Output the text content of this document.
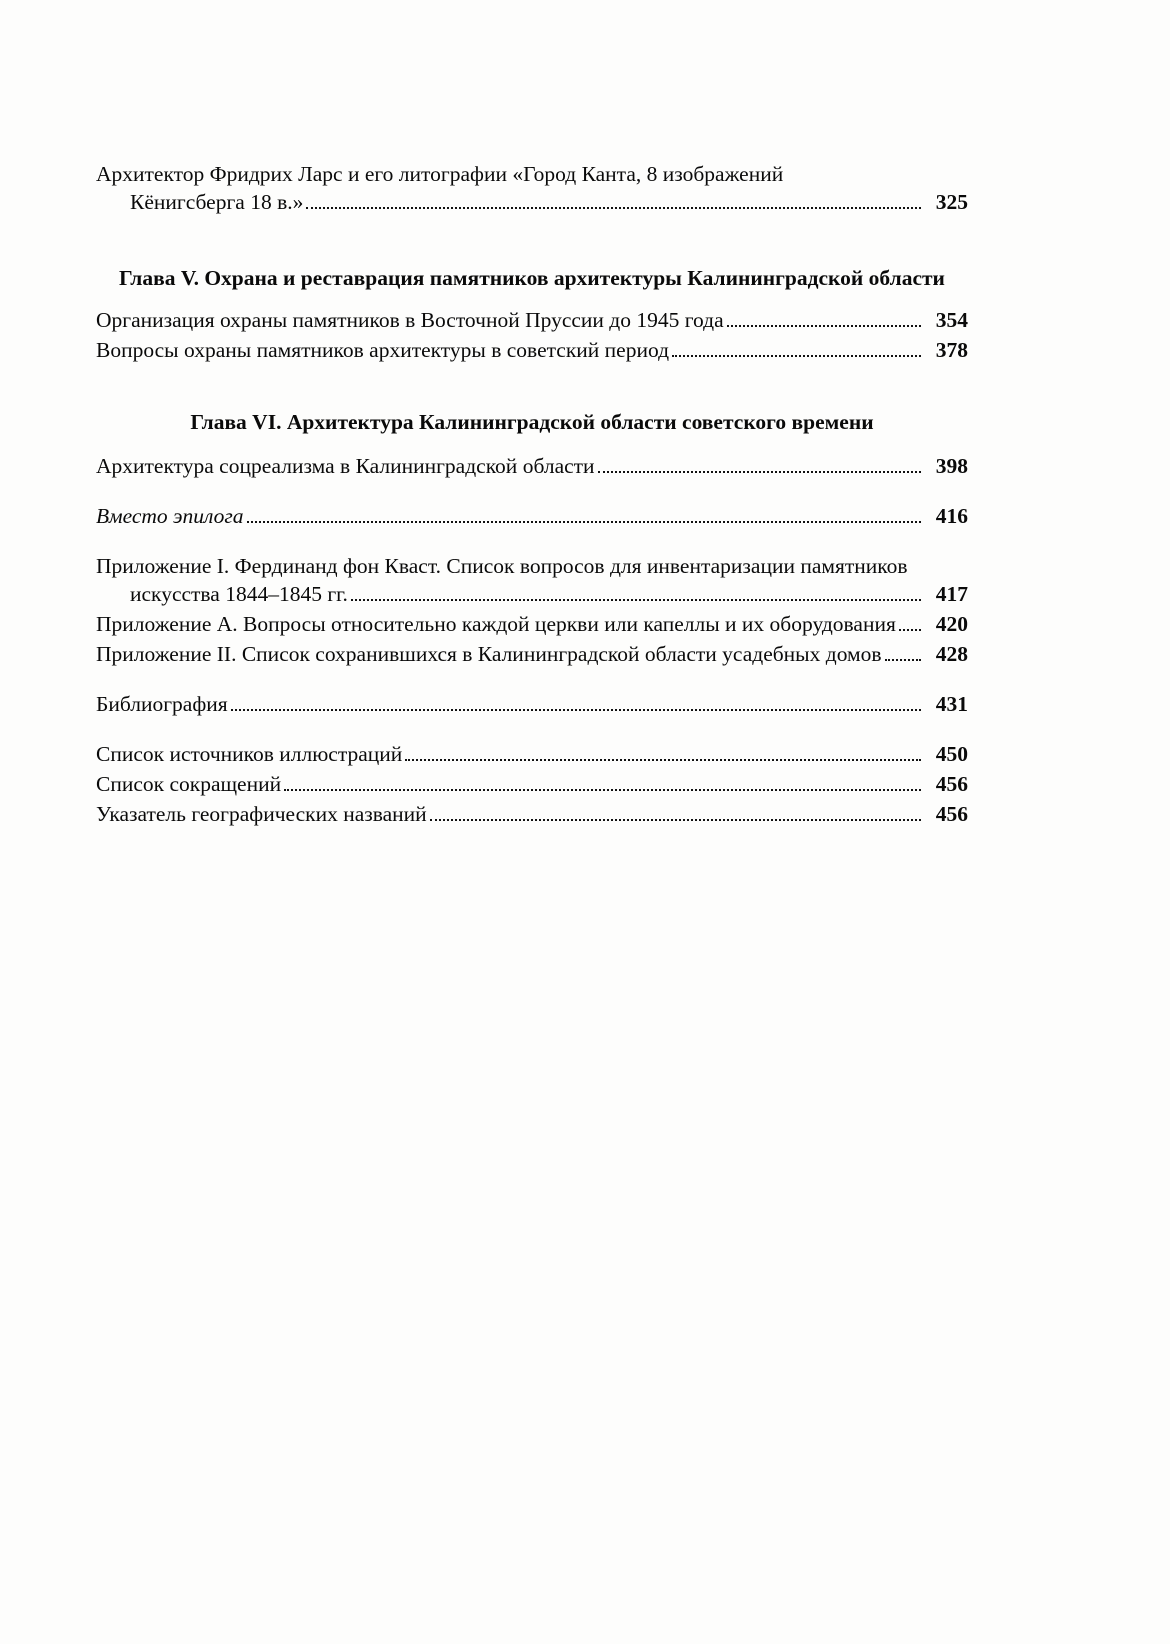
Архитектор Фридрих Ларс и его литографии «Город Канта, 8 изображений
Кёнигсберга 18 в.»	325
Глава V. Охрана и реставрация памятников архитектуры Калининградской области
Организация охраны памятников в Восточной Пруссии до 1945 года	354
Вопросы охраны памятников архитектуры в советский период	378
Глава VI. Архитектура Калининградской области советского времени
Архитектура соцреализма в Калининградской области	398
Вместо эпилога	416
Приложение I. Фердинанд фон Кваст. Список вопросов для инвентаризации памятников
искусства 1844–1845 гг.	417
Приложение А. Вопросы относительно каждой церкви или капеллы и их оборудования	420
Приложение II. Список сохранившихся в Калининградской области усадебных домов	428
Библиография	431
Список источников иллюстраций	450
Список сокращений	456
Указатель географических названий	456
